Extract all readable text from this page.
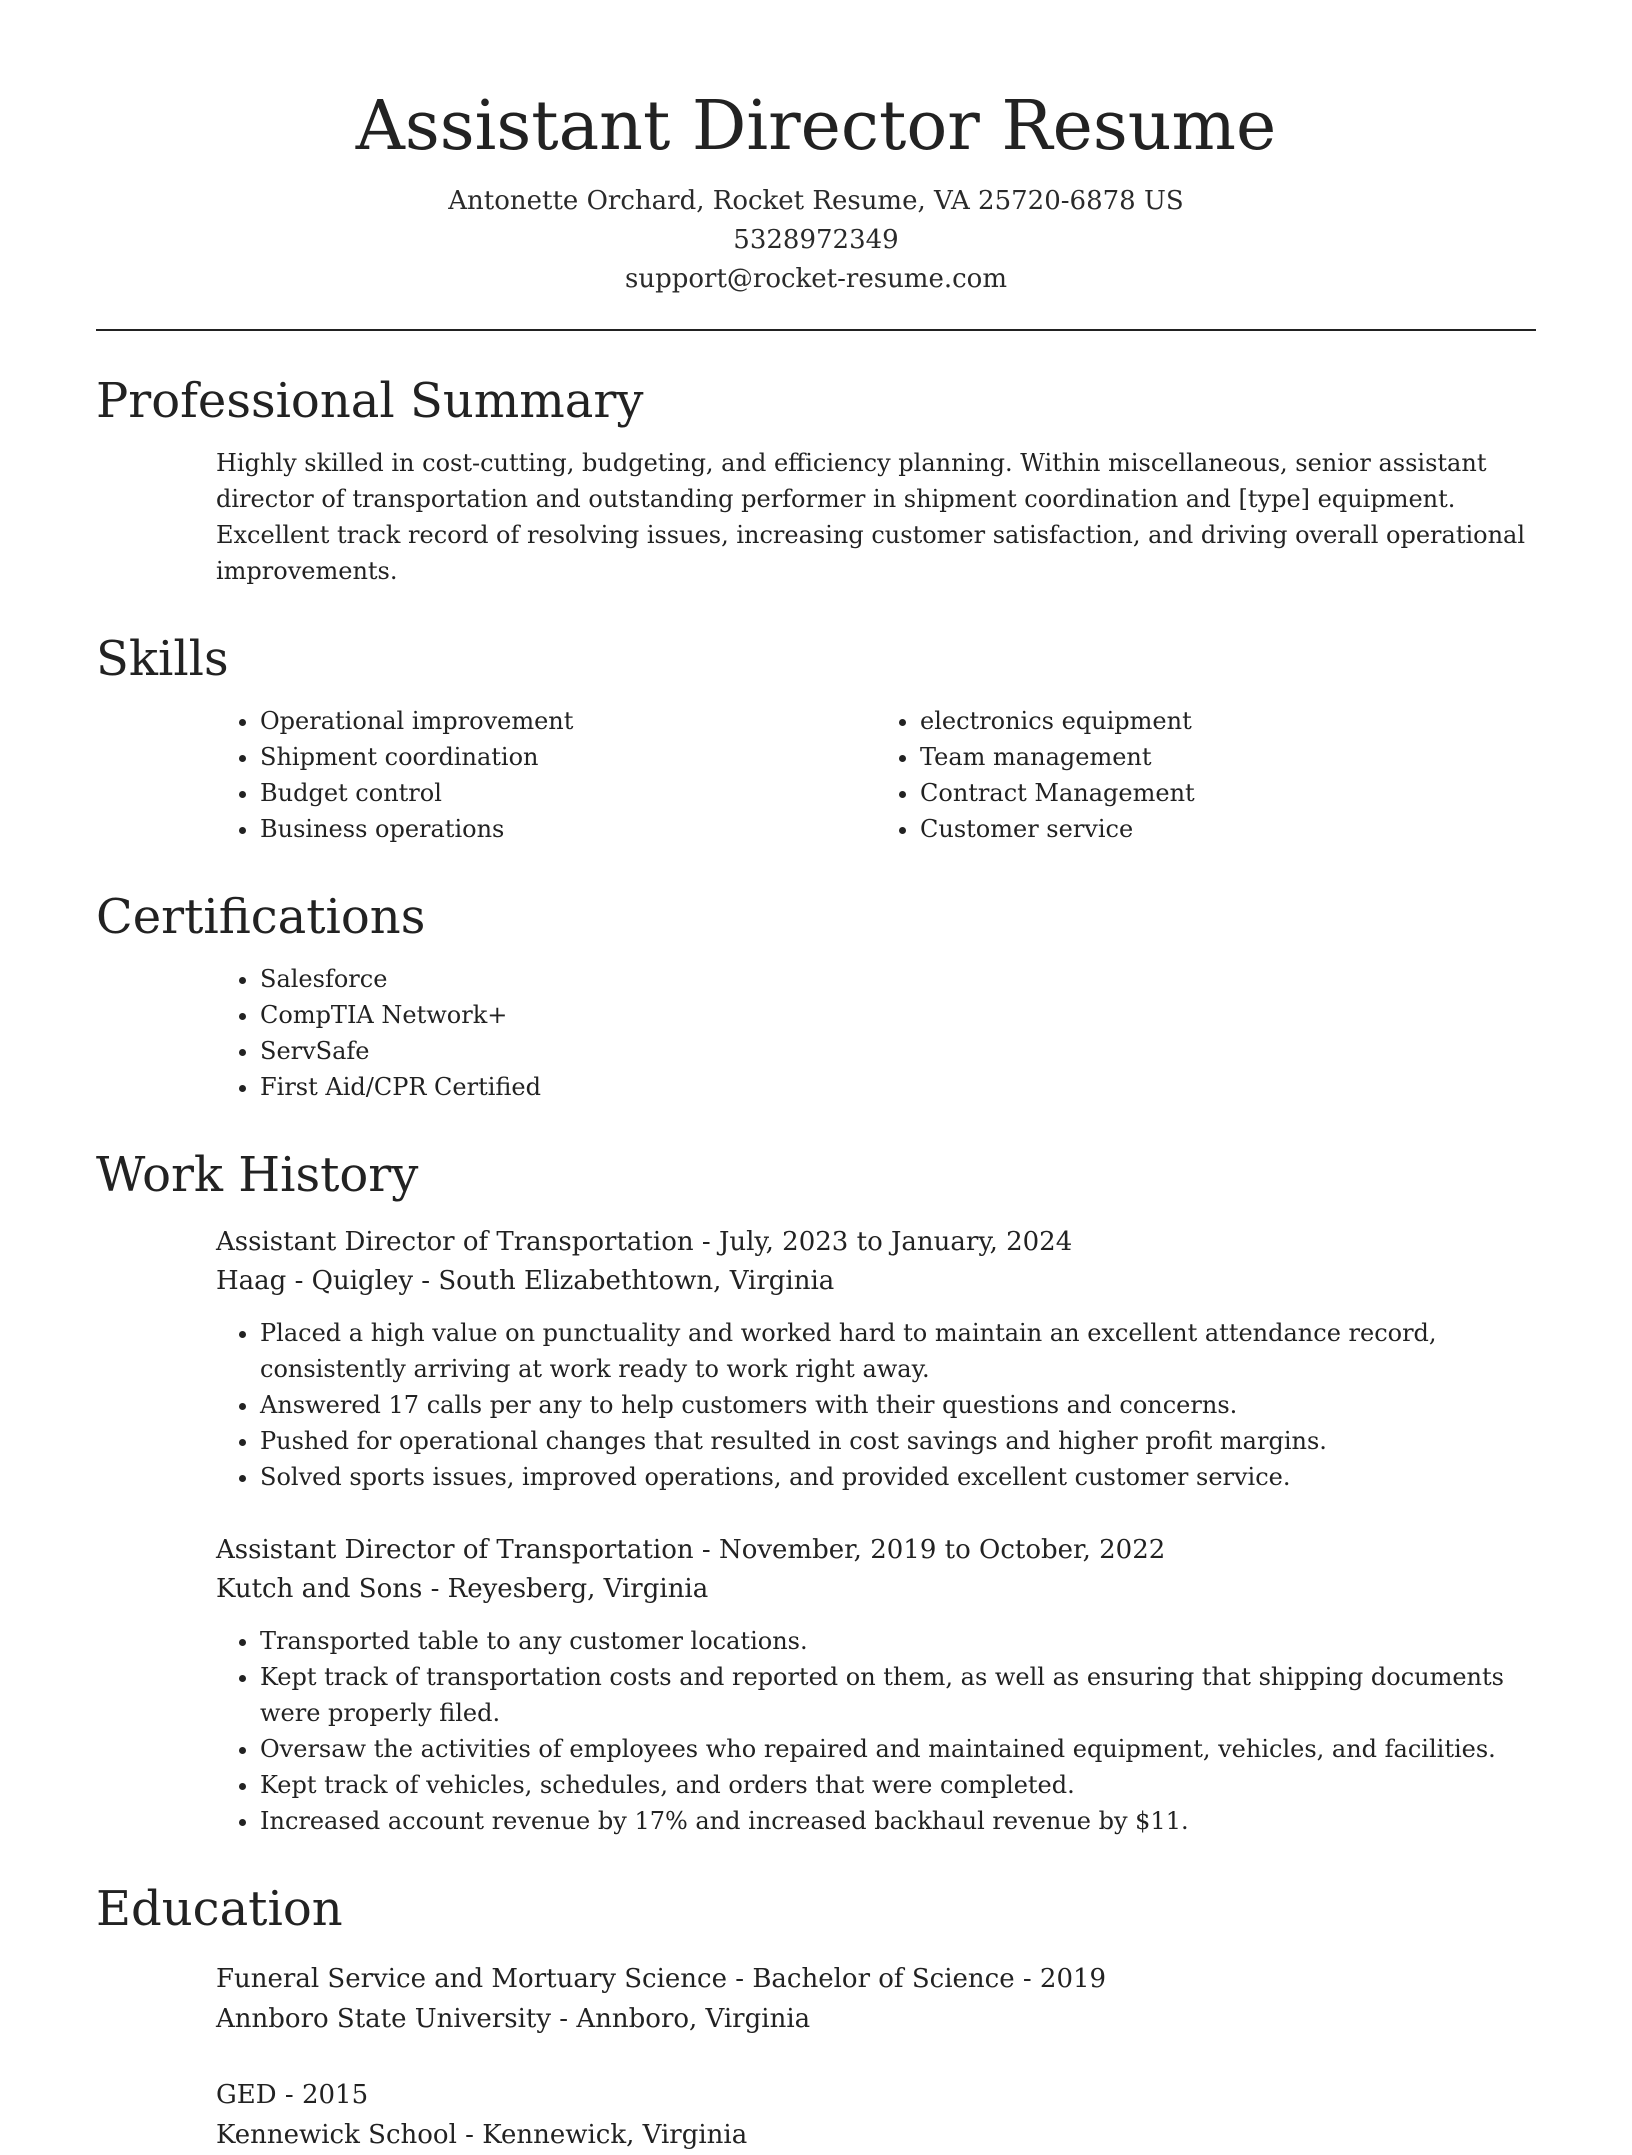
Assistant Director Resume
Antonette Orchard, Rocket Resume, VA 25720-6878 US
5328972349
support@rocket-resume.com
Professional Summary

Highly skilled in cost-cutting, budgeting, and efficiency planning. Within miscellaneous, senior assistant director of transportation and outstanding performer in shipment coordination and [type] equipment. Excellent track record of resolving issues, increasing customer satisfaction, and driving overall operational improvements.

Skills
• Operational improvement
• Shipment coordination
• Budget control
• Business operations
• electronics equipment
• Team management
• Contract Management
• Customer service
Certifications
• Salesforce
• CompTIA Network+
• ServSafe
• First Aid/CPR Certified
Work History
Assistant Director of Transportation - July, 2023 to January, 2024
Haag - Quigley - South Elizabethtown, Virginia
• Placed a high value on punctuality and worked hard to maintain an excellent attendance record, consistently arriving at work ready to work right away.
• Answered 17 calls per any to help customers with their questions and concerns.
• Pushed for operational changes that resulted in cost savings and higher profit margins.
• Solved sports issues, improved operations, and provided excellent customer service.
Assistant Director of Transportation - November, 2019 to October, 2022
Kutch and Sons - Reyesberg, Virginia
• Transported table to any customer locations.
• Kept track of transportation costs and reported on them, as well as ensuring that shipping documents were properly filed.
• Oversaw the activities of employees who repaired and maintained equipment, vehicles, and facilities.
• Kept track of vehicles, schedules, and orders that were completed.
• Increased account revenue by 17% and increased backhaul revenue by $11.
Education
Funeral Service and Mortuary Science - Bachelor of Science - 2019
Annboro State University - Annboro, Virginia
GED - 2015
Kennewick School - Kennewick, Virginia
